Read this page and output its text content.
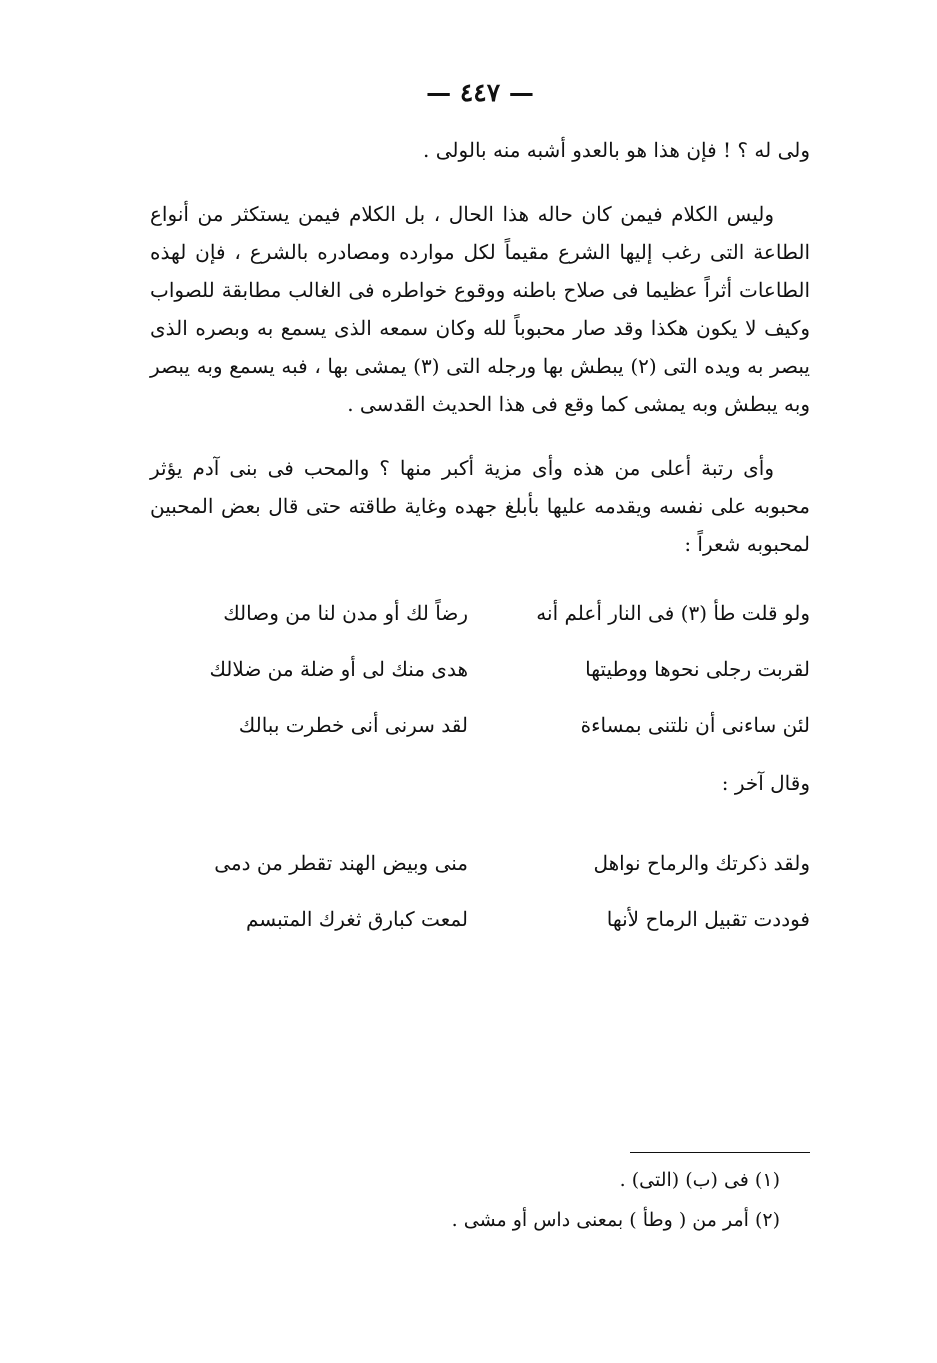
— ٤٤٧ —

ولى له ؟ ! فإن هذا هو بالعدو أشبه منه بالولى .

وليس الكلام فيمن كان حاله هذا الحال ، بل الكلام فيمن يستكثر من أنواع الطاعة التى رغب إليها الشرع مقيماً لكل موارده ومصادره بالشرع ، فإن لهذه الطاعات أثراً عظيما فى صلاح باطنه ووقوع خواطره فى الغالب مطابقة للصواب وكيف لا يكون هكذا وقد صار محبوباً لله وكان سمعه الذى يسمع به وبصره الذى يبصر به ويده التى (٢) يبطش بها ورجله التى (٣) يمشى بها ، فبه يسمع وبه يبصر وبه يبطش وبه يمشى كما وقع فى هذا الحديث القدسى .

وأى رتبة أعلى من هذه وأى مزية أكبر منها ؟ والمحب فى بنى آدم يؤثر محبوبه على نفسه ويقدمه عليها بأبلغ جهده وغاية طاقته حتى قال بعض المحبين لمحبوبه شعراً :

ولو قلت طأ (٣) فى النار أعلم أنه
رضاً لك أو مدن لنا من وصالك
لقربت رجلى نحوها ووطيتها
هدى منك لى أو ضلة من ضلالك
لئن ساءنى أن نلتنى بمساءة
لقد سرنى أنى خطرت ببالك
وقال آخر :
ولقد ذكرتك والرماح نواهل
منى وبيض الهند تقطر من دمى
فوددت تقبيل الرماح لأنها
لمعت كبارق ثغرك المتبسم

(١) فى (ب) (التى) .

(٢) أمر من ( وطأ ) بمعنى داس أو مشى .
